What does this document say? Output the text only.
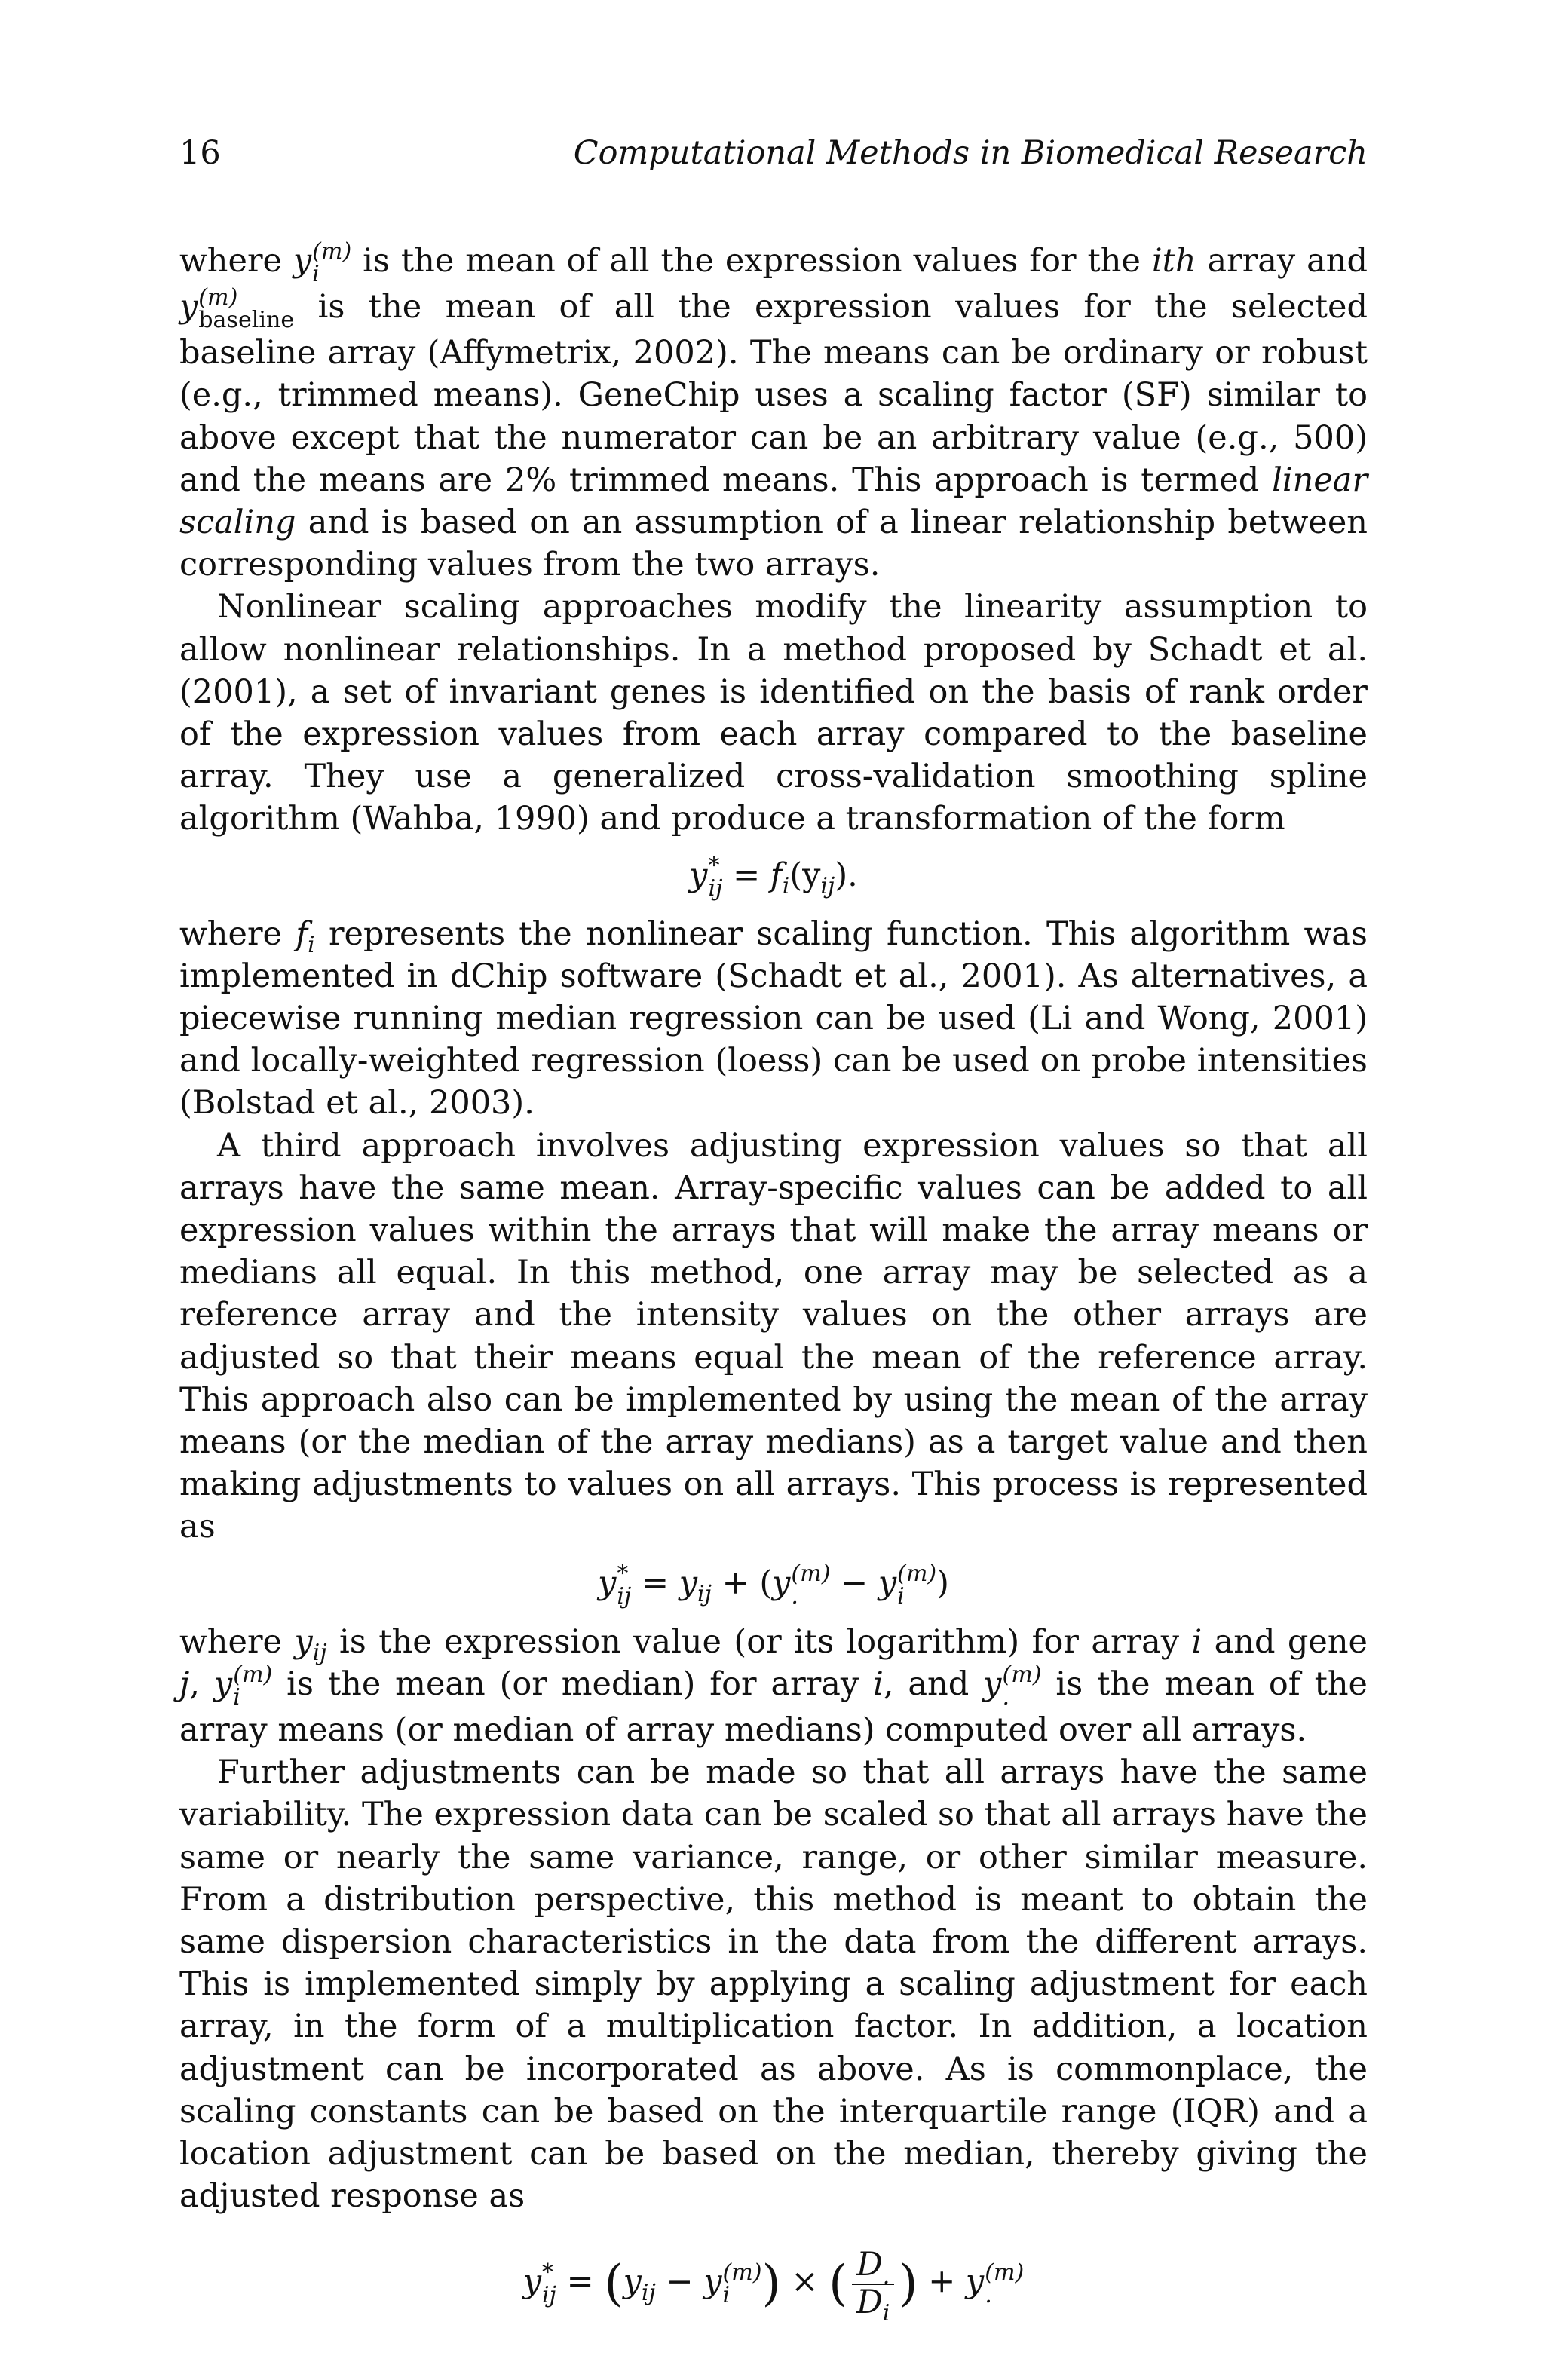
16	Computational Methods in Biomedical Research

where y (m)
i is the mean of all the expression values for the ith array and y (m)
baseline is the mean of all the expression values for the selected baseline array (Affymetrix, 2002). The means can be ordinary or robust (e.g., trimmed means). GeneChip uses a scaling factor (SF) similar to above except that the numerator can be an arbitrary value (e.g., 500) and the means are 2% trimmed means. This approach is termed linear scaling and is based on an assumption of a linear relationship between corresponding values from the two arrays.

Nonlinear scaling approaches modify the linearity assumption to allow nonlinear relationships. In a method proposed by Schadt et al. (2001), a set of invariant genes is identified on the basis of rank order of the expression values from each array compared to the baseline array. They use a generalized cross-validation smoothing spline algorithm (Wahba, 1990) and produce a transformation of the form

y *
ij = $f_i(y_{ij})$.

where $f_i$ represents the nonlinear scaling function. This algorithm was implemented in dChip software (Schadt et al., 2001). As alternatives, a piecewise running median regression can be used (Li and Wong, 2001) and locally-weighted regression (loess) can be used on probe intensities (Bolstad et al., 2003).

A third approach involves adjusting expression values so that all arrays have the same mean. Array-specific values can be added to all expression values within the arrays that will make the array means or medians all equal. In this method, one array may be selected as a reference array and the intensity values on the other arrays are adjusted so that their means equal the mean of the reference array. This approach also can be implemented by using the mean of the array means (or the median of the array medians) as a target value and then making adjustments to values on all arrays. This process is represented as

y *
ij = $y_{ij} + (y$ (m)
. − y (m)
i )

where $y_{ij}$ is the expression value (or its logarithm) for array i and gene j, y (m)
i is the mean (or median) for array i, and y (m)
. is the mean of the array means (or median of array medians) computed over all arrays.

Further adjustments can be made so that all arrays have the same variability. The expression data can be scaled so that all arrays have the same or nearly the same variance, range, or other similar measure. From a distribution perspective, this method is meant to obtain the same dispersion characteristics in the data from the different arrays. This is implemented simply by applying a scaling adjustment for each array, in the form of a multiplication factor. In addition, a location adjustment can be incorporated as above. As is commonplace, the scaling constants can be based on the interquartile range (IQR) and a location adjustment can be based on the median, thereby giving the adjusted response as

y *
ij = ($y_{ij} - y$ (m)
i ) × ( $\frac{D_.}{D_i}$ ) + y (m)
.
